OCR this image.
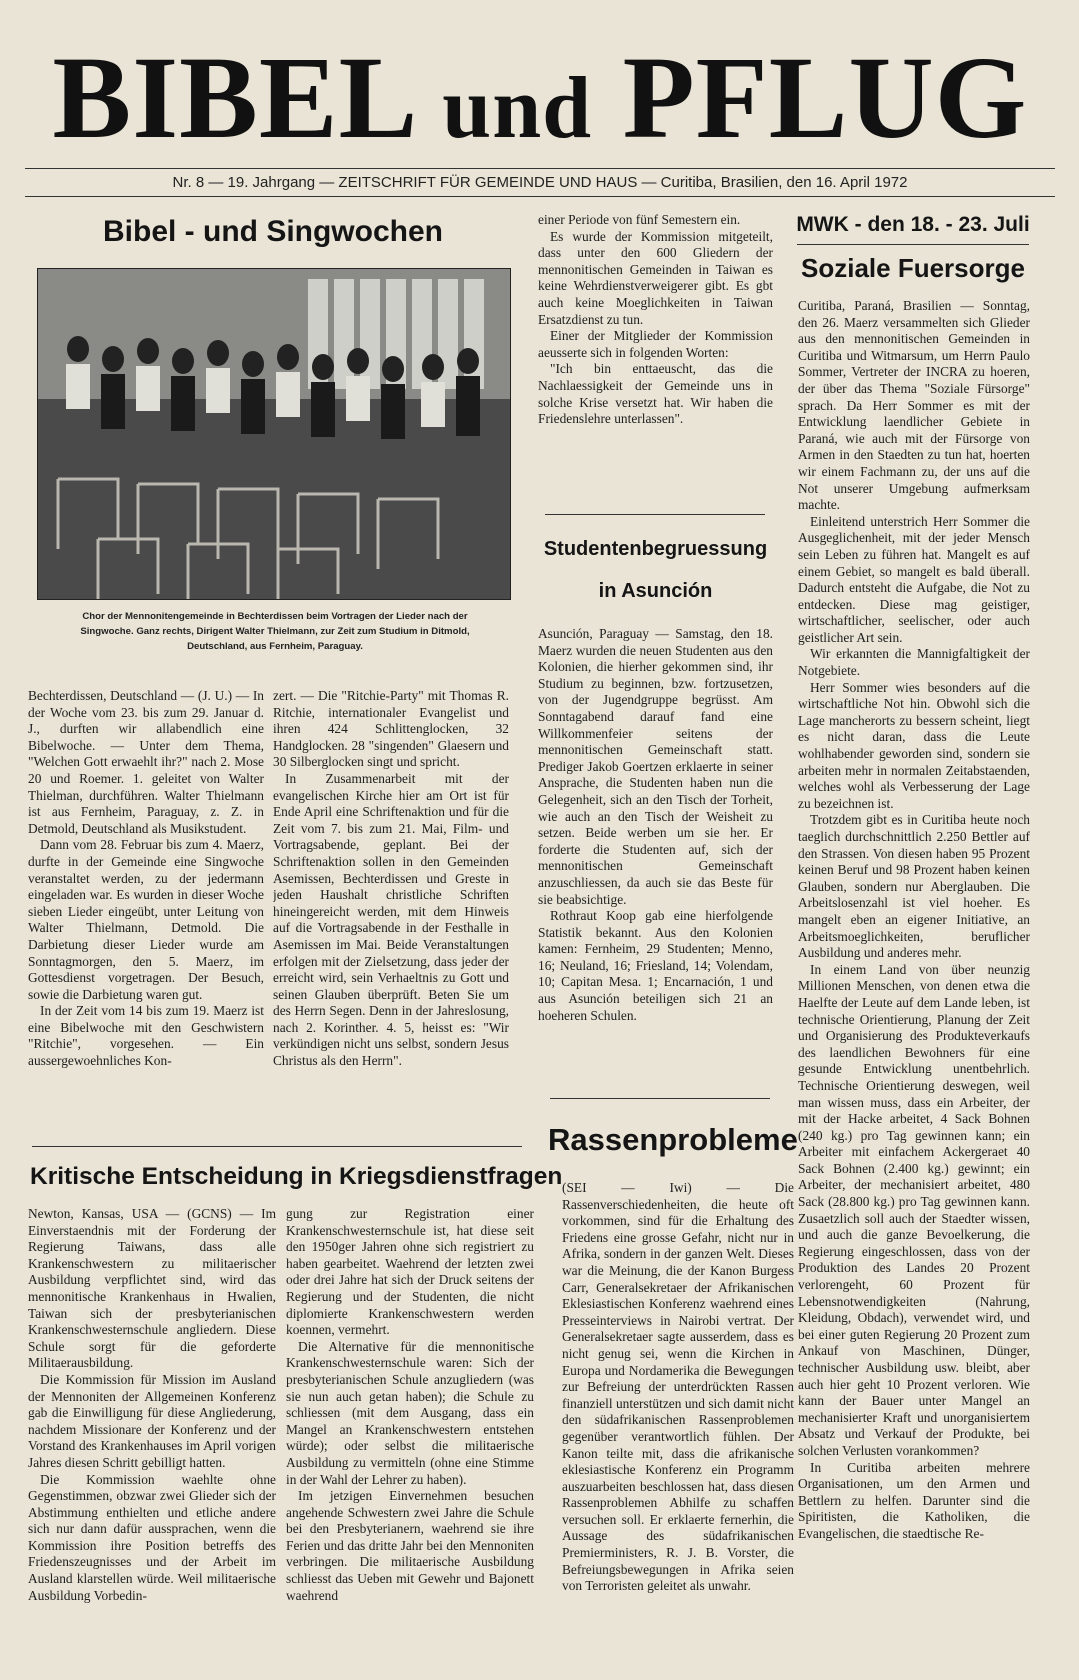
BIBEL und PFLUG
Nr. 8 — 19. Jahrgang — ZEITSCHRIFT FÜR GEMEINDE UND HAUS — Curitiba, Brasilien, den 16. April 1972
Bibel - und Singwochen
Chor der Mennonitengemeinde in Bechterdissen beim Vortragen der Lieder nach der Singwoche. Ganz rechts, Dirigent Walter Thielmann, zur Zeit zum Studium in Ditmold, Deutschland, aus Fernheim, Paraguay.

Bechterdissen, Deutschland — (J. U.) — In der Woche vom 23. bis zum 29. Januar d. J., durften wir allabendlich eine Bibelwoche. — Unter dem Thema, "Welchen Gott erwaehlt ihr?" nach 2. Mose 20 und Roemer. 1. geleitet von Walter Thielman, durchführen. Walter Thielmann ist aus Fernheim, Paraguay, z. Z. in Detmold, Deutschland als Musikstudent.

Dann vom 28. Februar bis zum 4. Maerz, durfte in der Gemeinde eine Singwoche veranstaltet werden, zu der jedermann eingeladen war. Es wurden in dieser Woche sieben Lieder eingeübt, unter Leitung von Walter Thielmann, Detmold. Die Darbietung dieser Lieder wurde am Sonntagmorgen, den 5. Maerz, im Gottesdienst vorgetragen. Der Besuch, sowie die Darbietung waren gut.

In der Zeit vom 14 bis zum 19. Maerz ist eine Bibelwoche mit den Geschwistern "Ritchie", vorgesehen. — Ein aussergewoehnliches Kon-

zert. — Die "Ritchie-Party" mit Thomas R. Ritchie, internationaler Evangelist und ihren 424 Schlittenglocken, 32 Handglocken. 28 "singenden" Glaesern und 30 Silberglocken singt und spricht.

In Zusammenarbeit mit der evangelischen Kirche hier am Ort ist für Ende April eine Schriftenaktion und für die Zeit vom 7. bis zum 21. Mai, Film- und Vortragsabende, geplant. Bei der Schriftenaktion sollen in den Gemeinden Asemissen, Bechterdissen und Greste in jeden Haushalt christliche Schriften hineingereicht werden, mit dem Hinweis auf die Vortragsabende in der Festhalle in Asemissen im Mai. Beide Veranstaltungen erfolgen mit der Zielsetzung, dass jeder der erreicht wird, sein Verhaeltnis zu Gott und seinen Glauben überprüft. Beten Sie um des Herrn Segen. Denn in der Jahreslosung, nach 2. Korinther. 4. 5, heisst es: "Wir verkündigen nicht uns selbst, sondern Jesus Christus als den Herrn".

einer Periode von fünf Semestern ein.

Es wurde der Kommission mitgeteilt, dass unter den 600 Gliedern der mennonitischen Gemeinden in Taiwan es keine Wehrdienstverweigerer gibt. Es gbt auch keine Moeglichkeiten in Taiwan Ersatzdienst zu tun.

Einer der Mitglieder der Kommission aeusserte sich in folgenden Worten:

"Ich bin enttaeuscht, das die Nachlaessigkeit der Gemeinde uns in solche Krise versetzt hat. Wir haben die Friedenslehre unterlassen".

Studentenbegruessung
in Asunción

Asunción, Paraguay — Samstag, den 18. Maerz wurden die neuen Studenten aus den Kolonien, die hierher gekommen sind, ihr Studium zu beginnen, bzw. fortzusetzen, von der Jugendgruppe begrüsst. Am Sonntagabend darauf fand eine Willkommenfeier seitens der mennonitischen Gemeinschaft statt. Prediger Jakob Goertzen erklaerte in seiner Ansprache, die Studenten haben nun die Gelegenheit, sich an den Tisch der Torheit, wie auch an den Tisch der Weisheit zu setzen. Beide werben um sie her. Er forderte die Studenten auf, sich der mennonitischen Gemeinschaft anzuschliessen, da auch sie das Beste für sie beabsichtige.

Rothraut Koop gab eine hierfolgende Statistik bekannt. Aus den Kolonien kamen: Fernheim, 29 Studenten; Menno, 16; Neuland, 16; Friesland, 14; Volendam, 10; Capitan Mesa. 1; Encarnación, 1 und aus Asunción beteiligen sich 21 an hoeheren Schulen.

MWK - den 18. - 23. Juli
Soziale Fuersorge

Curitiba, Paraná, Brasilien — Sonntag, den 26. Maerz versammelten sich Glieder aus den mennonitischen Gemeinden in Curitiba und Witmarsum, um Herrn Paulo Sommer, Vertreter der INCRA zu hoeren, der über das Thema "Soziale Fürsorge" sprach. Da Herr Sommer es mit der Entwicklung laendlicher Gebiete in Paraná, wie auch mit der Fürsorge von Armen in den Staedten zu tun hat, hoerten wir einem Fachmann zu, der uns auf die Not unserer Umgebung aufmerksam machte.

Einleitend unterstrich Herr Sommer die Ausgeglichenheit, mit der jeder Mensch sein Leben zu führen hat. Mangelt es auf einem Gebiet, so mangelt es bald überall. Dadurch entsteht die Aufgabe, die Not zu entdecken. Diese mag geistiger, wirtschaftlicher, seelischer, oder auch geistlicher Art sein.

Wir erkannten die Mannigfaltigkeit der Notgebiete.

Herr Sommer wies besonders auf die wirtschaftliche Not hin. Obwohl sich die Lage mancherorts zu bessern scheint, liegt es nicht daran, dass die Leute wohlhabender geworden sind, sondern sie arbeiten mehr in normalen Zeitabstaenden, welches wohl als Verbesserung der Lage zu bezeichnen ist.

Trotzdem gibt es in Curitiba heute noch taeglich durchschnittlich 2.250 Bettler auf den Strassen. Von diesen haben 95 Prozent keinen Beruf und 98 Prozent haben keinen Glauben, sondern nur Aberglauben. Die Arbeitslosenzahl ist viel hoeher. Es mangelt eben an eigener Initiative, an Arbeitsmoeglichkeiten, beruflicher Ausbildung und anderes mehr.

In einem Land von über neunzig Millionen Menschen, von denen etwa die Haelfte der Leute auf dem Lande leben, ist technische Orientierung, Planung der Zeit und Organisierung des Produkteverkaufs des laendlichen Bewohners für eine gesunde Entwicklung unentbehrlich. Technische Orientierung deswegen, weil man wissen muss, dass ein Arbeiter, der mit der Hacke arbeitet, 4 Sack Bohnen (240 kg.) pro Tag gewinnen kann; ein Arbeiter mit einfachem Ackergeraet 40 Sack Bohnen (2.400 kg.) gewinnt; ein Arbeiter, der mechanisiert arbeitet, 480 Sack (28.800 kg.) pro Tag gewinnen kann. Zusaetzlich soll auch der Staedter wissen, und auch die ganze Bevoelkerung, die Regierung eingeschlossen, dass von der Produktion des Landes 20 Prozent verlorengeht, 60 Prozent für Lebensnotwendigkeiten (Nahrung, Kleidung, Obdach), verwendet wird, und bei einer guten Regierung 20 Prozent zum Ankauf von Maschinen, Dünger, technischer Ausbildung usw. bleibt, aber auch hier geht 10 Prozent verloren. Wie kann der Bauer unter Mangel an mechanisierter Kraft und unorganisiertem Absatz und Verkauf der Produkte, bei solchen Verlusten vorankommen?

In Curitiba arbeiten mehrere Organisationen, um den Armen und Bettlern zu helfen. Darunter sind die Spiritisten, die Katholiken, die Evangelischen, die staedtische Re-

Kritische Entscheidung in Kriegsdienstfragen

Newton, Kansas, USA — (GCNS) — Im Einverstaendnis mit der Forderung der Regierung Taiwans, dass alle Krankenschwestern zu militaerischer Ausbildung verpflichtet sind, wird das mennonitische Krankenhaus in Hwalien, Taiwan sich der presbyterianischen Krankenschwesternschule angliedern. Diese Schule sorgt für die geforderte Militaerausbildung.

Die Kommission für Mission im Ausland der Mennoniten der Allgemeinen Konferenz gab die Einwilligung für diese Angliederung, nachdem Missionare der Konferenz und der Vorstand des Krankenhauses im April vorigen Jahres diesen Schritt gebilligt hatten.

Die Kommission waehlte ohne Gegenstimmen, obzwar zwei Glieder sich der Abstimmung enthielten und etliche andere sich nur dann dafür aussprachen, wenn die Kommission ihre Position betreffs des Friedenszeugnisses und der Arbeit im Ausland klarstellen würde. Weil militaerische Ausbildung Vorbedin-

gung zur Registration einer Krankenschwesternschule ist, hat diese seit den 1950ger Jahren ohne sich registriert zu haben gearbeitet. Waehrend der letzten zwei oder drei Jahre hat sich der Druck seitens der Regierung und der Studenten, die nicht diplomierte Krankenschwestern werden koennen, vermehrt.

Die Alternative für die mennonitische Krankenschwesternschule waren: Sich der presbyterianischen Schule anzugliedern (was sie nun auch getan haben); die Schule zu schliessen (mit dem Ausgang, dass ein Mangel an Krankenschwestern entstehen würde); oder selbst die militaerische Ausbildung zu vermitteln (ohne eine Stimme in der Wahl der Lehrer zu haben).

Im jetzigen Einvernehmen besuchen angehende Schwestern zwei Jahre die Schule bei den Presbyterianern, waehrend sie ihre Ferien und das dritte Jahr bei den Mennoniten verbringen. Die militaerische Ausbildung schliesst das Ueben mit Gewehr und Bajonett waehrend

Rassenprobleme

(SEI — Iwi) — Die Rassenverschiedenheiten, die heute oft vorkommen, sind für die Erhaltung des Friedens eine grosse Gefahr, nicht nur in Afrika, sondern in der ganzen Welt. Dieses war die Meinung, die der Kanon Burgess Carr, Generalsekretaer der Afrikanischen Eklesiastischen Konferenz waehrend eines Presseinterviews in Nairobi vertrat. Der Generalsekretaer sagte ausserdem, dass es nicht genug sei, wenn die Kirchen in Europa und Nordamerika die Bewegungen zur Befreiung der unterdrückten Rassen finanziell unterstützen und sich damit nicht den südafrikanischen Rassenproblemen gegenüber verantwortlich fühlen. Der Kanon teilte mit, dass die afrikanische eklesiastische Konferenz ein Programm auszuarbeiten beschlossen hat, dass diesen Rassenproblemen Abhilfe zu schaffen versuchen soll. Er erklaerte fernerhin, die Aussage des südafrikanischen Premierministers, R. J. B. Vorster, die Befreiungsbewegungen in Afrika seien von Terroristen geleitet als unwahr.
